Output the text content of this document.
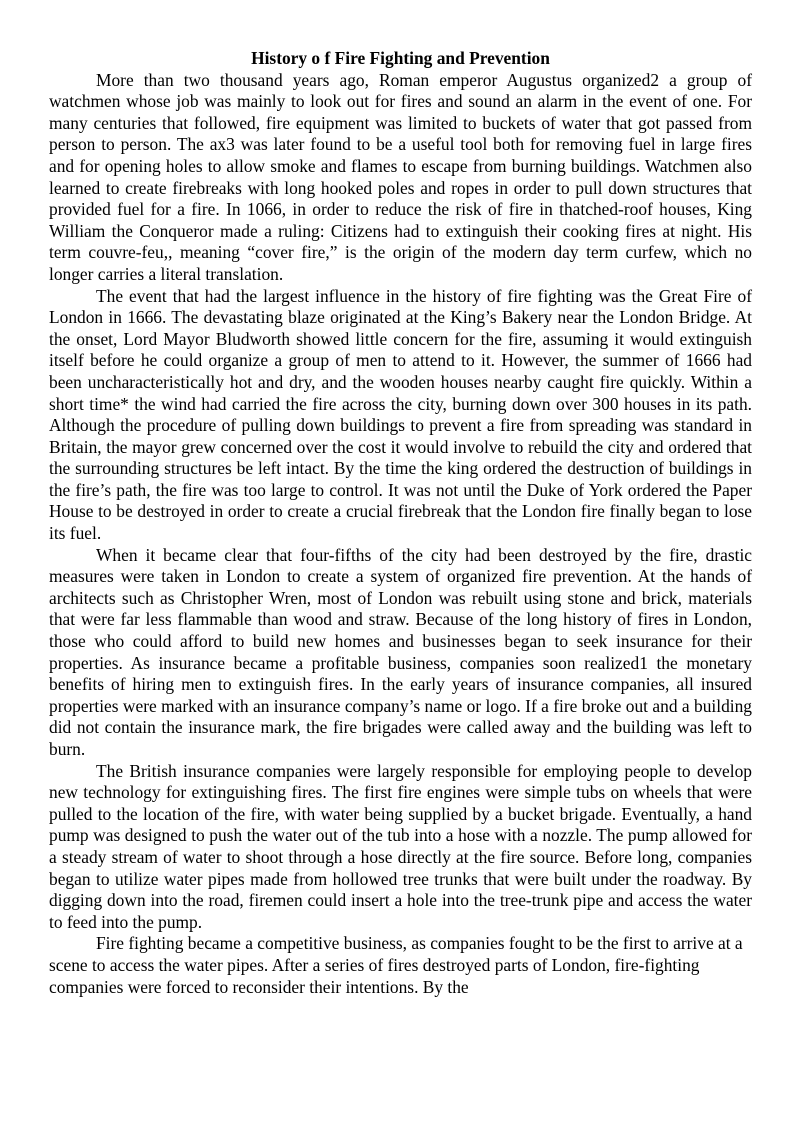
History o f Fire Fighting and Prevention

More than two thousand years ago, Roman emperor Augustus organized2 a group of watchmen whose job was mainly to look out for fires and sound an alarm in the event of one. For many centuries that followed, fire equipment was limited to buckets of water that got passed from person to person. The ax3 was later found to be a useful tool both for removing fuel in large fires and for opening holes to allow smoke and flames to escape from burning buildings. Watchmen also learned to create firebreaks with long hooked poles and ropes in order to pull down structures that provided fuel for a fire. In 1066, in order to reduce the risk of fire in thatched-roof houses, King William the Conqueror made a ruling: Citizens had to extinguish their cooking fires at night. His term couvre-feu,, meaning “cover fire,” is the origin of the modern day term curfew, which no longer carries a literal translation.

The event that had the largest influence in the history of fire fighting was the Great Fire of London in 1666. The devastating blaze originated at the King’s Bakery near the London Bridge. At the onset, Lord Mayor Bludworth showed little concern for the fire, assuming it would extinguish itself before he could organize a group of men to attend to it. However, the summer of 1666 had been uncharacteristically hot and dry, and the wooden houses nearby caught fire quickly. Within a short time* the wind had carried the fire across the city, burning down over 300 houses in its path. Although the procedure of pulling down buildings to prevent a fire from spreading was standard in Britain, the mayor grew concerned over the cost it would involve to rebuild the city and ordered that the surrounding structures be left intact. By the time the king ordered the destruction of buildings in the fire’s path, the fire was too large to control. It was not until the Duke of York ordered the Paper House to be destroyed in order to create a crucial firebreak that the London fire finally began to lose its fuel.

When it became clear that four-fifths of the city had been destroyed by the fire, drastic measures were taken in London to create a system of organized fire prevention. At the hands of architects such as Christopher Wren, most of London was rebuilt using stone and brick, materials that were far less flammable than wood and straw. Because of the long history of fires in London, those who could afford to build new homes and businesses began to seek insurance for their properties. As insurance became a profitable business, companies soon realized1 the monetary benefits of hiring men to extinguish fires. In the early years of insurance companies, all insured properties were marked with an insurance company’s name or logo. If a fire broke out and a building did not contain the insurance mark, the fire brigades were called away and the building was left to burn.

The British insurance companies were largely responsible for employing people to develop new technology for extinguishing fires. The first fire engines were simple tubs on wheels that were pulled to the location of the fire, with water being supplied by a bucket brigade. Eventually, a hand pump was designed to push the water out of the tub into a hose with a nozzle. The pump allowed for a steady stream of water to shoot through a hose directly at the fire source. Before long, companies began to utilize water pipes made from hollowed tree trunks that were built under the roadway. By digging down into the road, firemen could insert a hole into the tree-trunk pipe and access the water to feed into the pump.

Fire fighting became a competitive business, as companies fought to be the first to arrive at a scene to access the water pipes. After a series of fires destroyed parts of London, fire-fighting companies were forced to reconsider their intentions. By the
